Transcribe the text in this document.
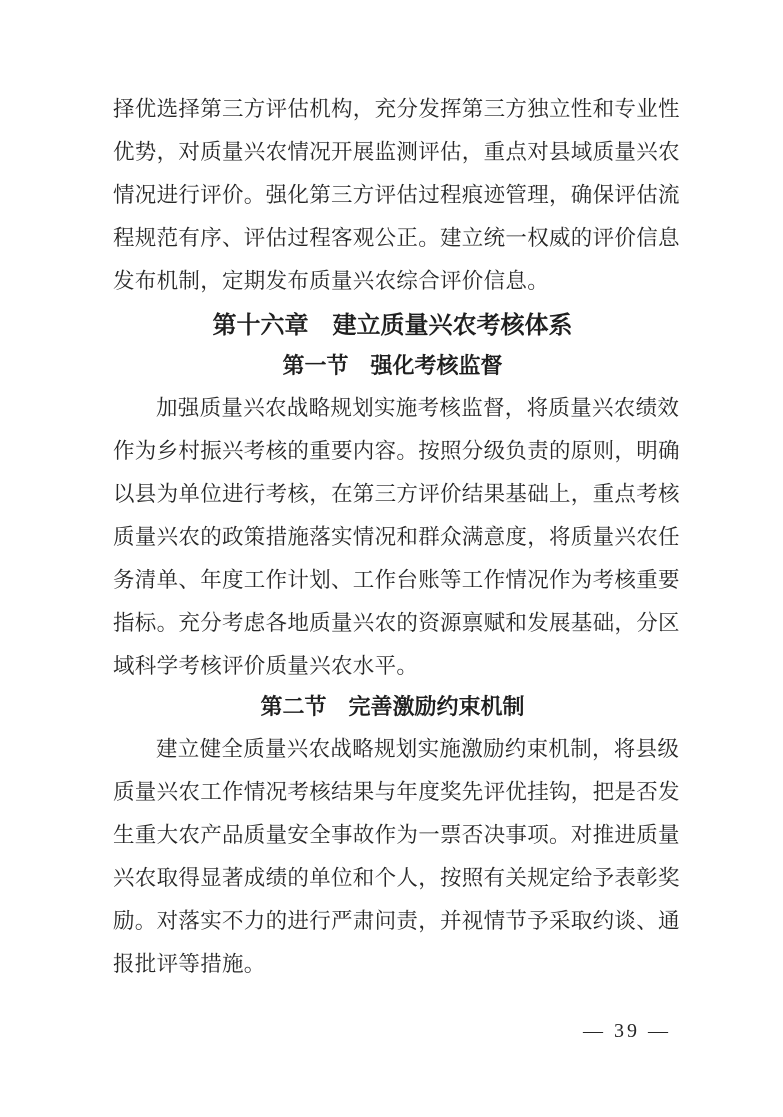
择优选择第三方评估机构，充分发挥第三方独立性和专业性
优势，对质量兴农情况开展监测评估，重点对县域质量兴农
情况进行评价。强化第三方评估过程痕迹管理，确保评估流
程规范有序、评估过程客观公正。建立统一权威的评价信息
发布机制，定期发布质量兴农综合评价信息。
第十六章　建立质量兴农考核体系
第一节　强化考核监督
加强质量兴农战略规划实施考核监督，将质量兴农绩效
作为乡村振兴考核的重要内容。按照分级负责的原则，明确
以县为单位进行考核，在第三方评价结果基础上，重点考核
质量兴农的政策措施落实情况和群众满意度，将质量兴农任
务清单、年度工作计划、工作台账等工作情况作为考核重要
指标。充分考虑各地质量兴农的资源禀赋和发展基础，分区
域科学考核评价质量兴农水平。
第二节　完善激励约束机制
建立健全质量兴农战略规划实施激励约束机制，将县级
质量兴农工作情况考核结果与年度奖先评优挂钩，把是否发
生重大农产品质量安全事故作为一票否决事项。对推进质量
兴农取得显著成绩的单位和个人，按照有关规定给予表彰奖
励。对落实不力的进行严肃问责，并视情节予采取约谈、通
报批评等措施。
— 39 —
